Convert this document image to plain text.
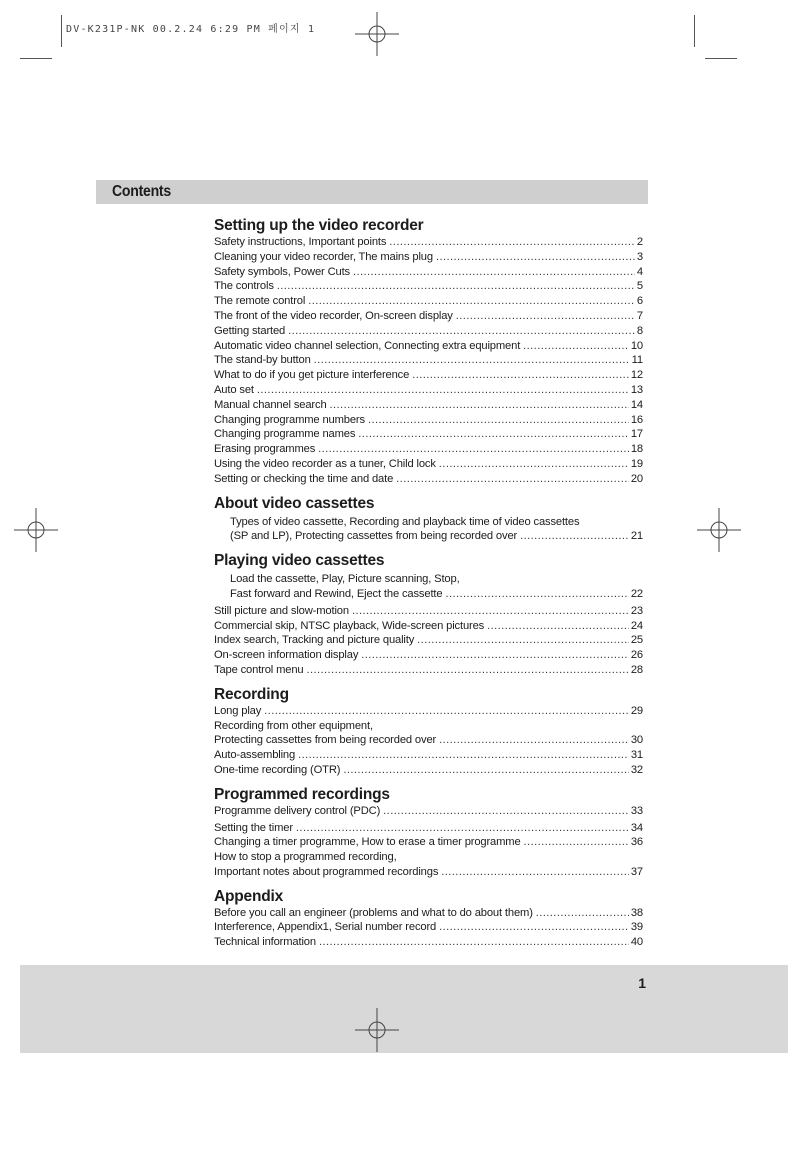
DV-K231P-NK 00.2.24 6:29 PM 페이지 1
Contents
Setting up the video recorder
Safety instructions, Important points .....	2
Cleaning your video recorder, The mains plug .....	3
Safety symbols, Power Cuts .....	4
The controls .....	5
The remote control .....	6
The front of the video recorder, On-screen display .....	7
Getting started .....	8
Automatic video channel selection, Connecting extra equipment .....	10
The stand-by button .....	11
What to do if you get picture interference .....	12
Auto set .....	13
Manual channel search .....	14
Changing programme numbers .....	16
Changing programme names .....	17
Erasing programmes .....	18
Using the video recorder as a tuner, Child lock .....	19
Setting or checking the time and date .....	20
About video cassettes
Types of video cassette, Recording and playback time of video cassettes
(SP and LP), Protecting cassettes from being recorded over .....	21
Playing video cassettes
Load the cassette, Play, Picture scanning, Stop,
Fast forward and Rewind, Eject the cassette .....	22
Still picture and slow-motion .....	23
Commercial skip, NTSC playback, Wide-screen pictures .....	24
Index search, Tracking and picture quality .....	25
On-screen information display .....	26
Tape control menu .....	28
Recording
Long play .....	29
Recording from other equipment,
Protecting cassettes from being recorded over .....	30
Auto-assembling .....	31
One-time recording (OTR) .....	32
Programmed recordings
Programme delivery control (PDC) .....	33
Setting the timer .....	34
Changing a timer programme, How to erase a timer programme .....	36
How to stop a programmed recording,
Important notes about programmed recordings .....	37
Appendix
Before you call an engineer (problems and what to do about them) .....	38
Interference, Appendix1, Serial number record .....	39
Technical information .....	40
1
